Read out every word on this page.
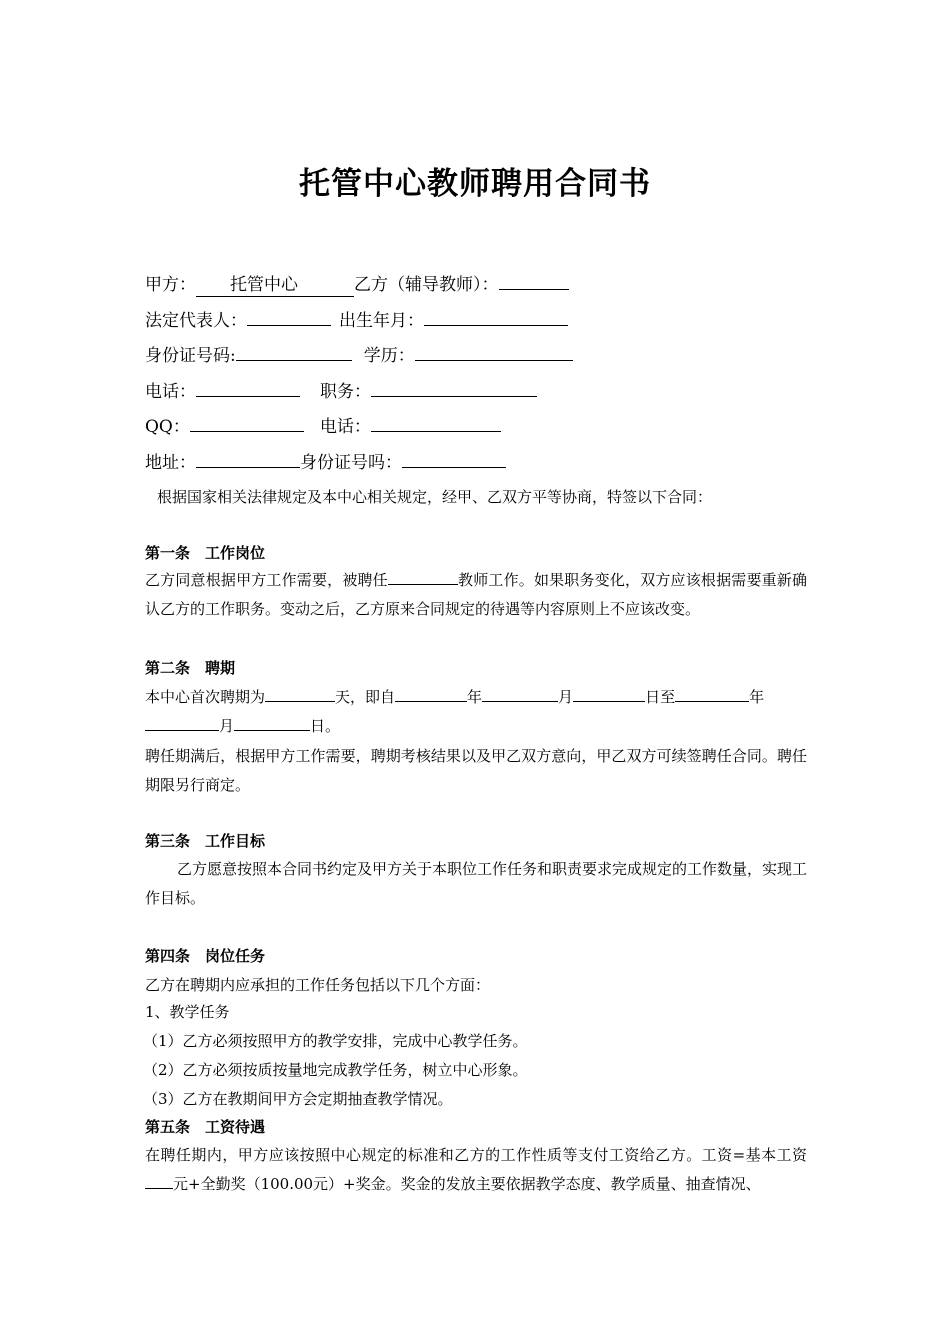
托管中心教师聘用合同书
甲方： 托管中心	乙方（辅导教师）：
法定代表人：	出生年月：
身份证号码:	学历：
电话：	职务：
QQ：	电话：
地址：	身份证号吗：
根据国家相关法律规定及本中心相关规定，经甲、乙双方平等协商，特签以下合同：
第一条　工作岗位
乙方同意根据甲方工作需要，被聘任	教师工作。如果职务变化，双方应该根据需要重新确认乙方的工作职务。变动之后，乙方原来合同规定的待遇等内容原则上不应该改变。
第二条　聘期
本中心首次聘期为	天，即自	年	月	日至	年
月	日。
聘任期满后，根据甲方工作需要，聘期考核结果以及甲乙双方意向，甲乙双方可续签聘任合同。聘任期限另行商定。
第三条　工作目标
乙方愿意按照本合同书约定及甲方关于本职位工作任务和职责要求完成规定的工作数量，实现工作目标。
第四条　岗位任务
乙方在聘期内应承担的工作任务包括以下几个方面：
1、教学任务
（1）乙方必须按照甲方的教学安排，完成中心教学任务。
（2）乙方必须按质按量地完成教学任务，树立中心形象。
（3）乙方在教期间甲方会定期抽查教学情况。
第五条　工资待遇
在聘任期内，甲方应该按照中心规定的标准和乙方的工作性质等支付工资给乙方。工资=基本工资元+全勤奖（100.00元）+奖金。奖金的发放主要依据教学态度、教学质量、抽查情况、
